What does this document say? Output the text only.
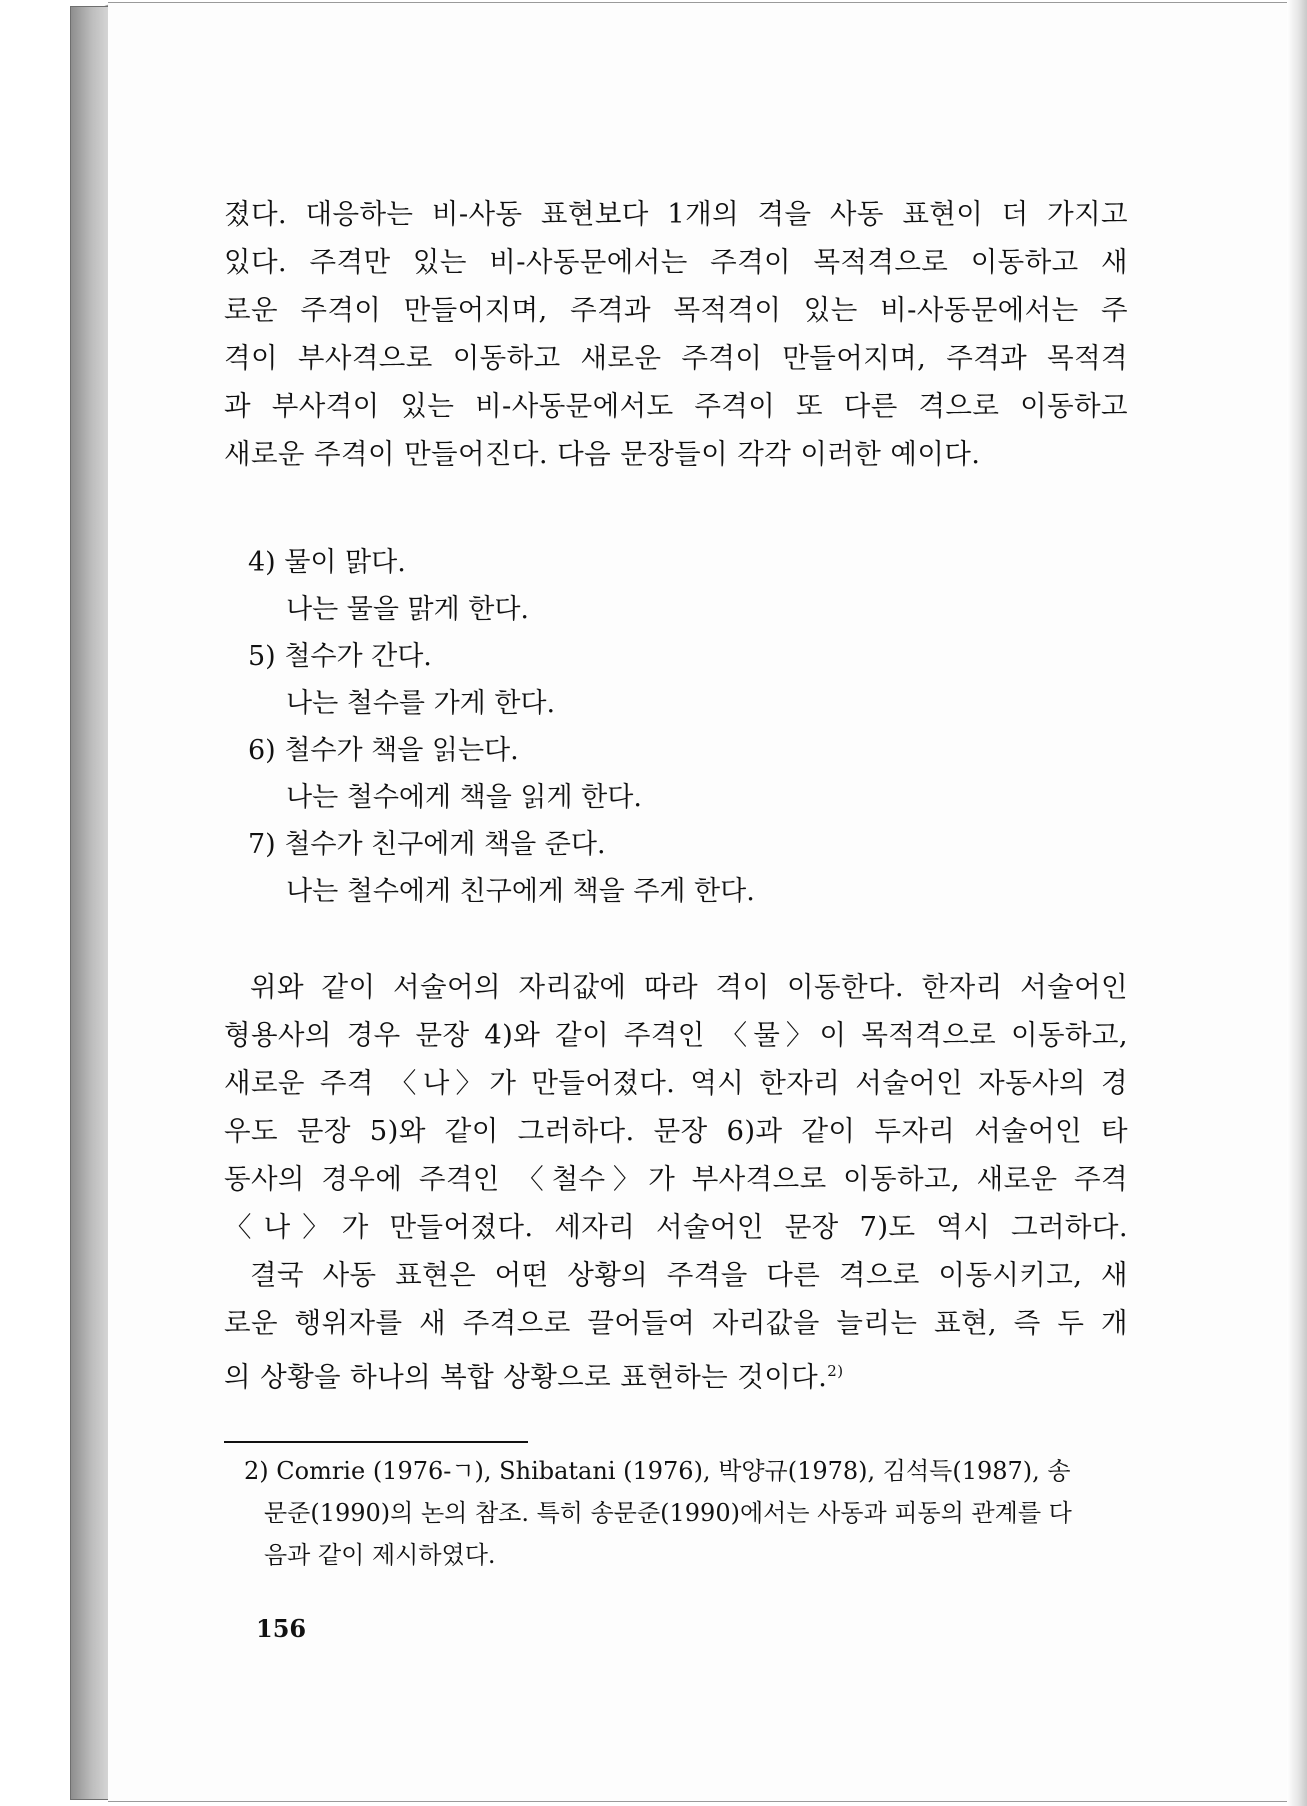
졌다. 대응하는 비-사동 표현보다 1개의 격을 사동 표현이 더 가지고
있다. 주격만 있는 비-사동문에서는 주격이 목적격으로 이동하고 새
로운 주격이 만들어지며, 주격과 목적격이 있는 비-사동문에서는 주
격이 부사격으로 이동하고 새로운 주격이 만들어지며, 주격과 목적격
과 부사격이 있는 비-사동문에서도 주격이 또 다른 격으로 이동하고
새로운 주격이 만들어진다. 다음 문장들이 각각 이러한 예이다.
4) 물이 맑다.
나는 물을 맑게 한다.
5) 철수가 간다.
나는 철수를 가게 한다.
6) 철수가 책을 읽는다.
나는 철수에게 책을 읽게 한다.
7) 철수가 친구에게 책을 준다.
나는 철수에게 친구에게 책을 주게 한다.
위와 같이 서술어의 자리값에 따라 격이 이동한다. 한자리 서술어인
형용사의 경우 문장 4)와 같이 주격인 〈물〉이 목적격으로 이동하고,
새로운 주격 〈나〉가 만들어졌다. 역시 한자리 서술어인 자동사의 경
우도 문장 5)와 같이 그러하다. 문장 6)과 같이 두자리 서술어인 타
동사의 경우에 주격인 〈철수〉가 부사격으로 이동하고, 새로운 주격
〈나〉가 만들어졌다. 세자리 서술어인 문장 7)도 역시 그러하다.
결국 사동 표현은 어떤 상황의 주격을 다른 격으로 이동시키고, 새
로운 행위자를 새 주격으로 끌어들여 자리값을 늘리는 표현, 즉 두 개
의 상황을 하나의 복합 상황으로 표현하는 것이다.$^{2)}$
2) Comrie (1976-ㄱ), Shibatani (1976), 박양규(1978), 김석득(1987), 송
문준(1990)의 논의 참조. 특히 송문준(1990)에서는 사동과 피동의 관계를 다
음과 같이 제시하였다.
156
